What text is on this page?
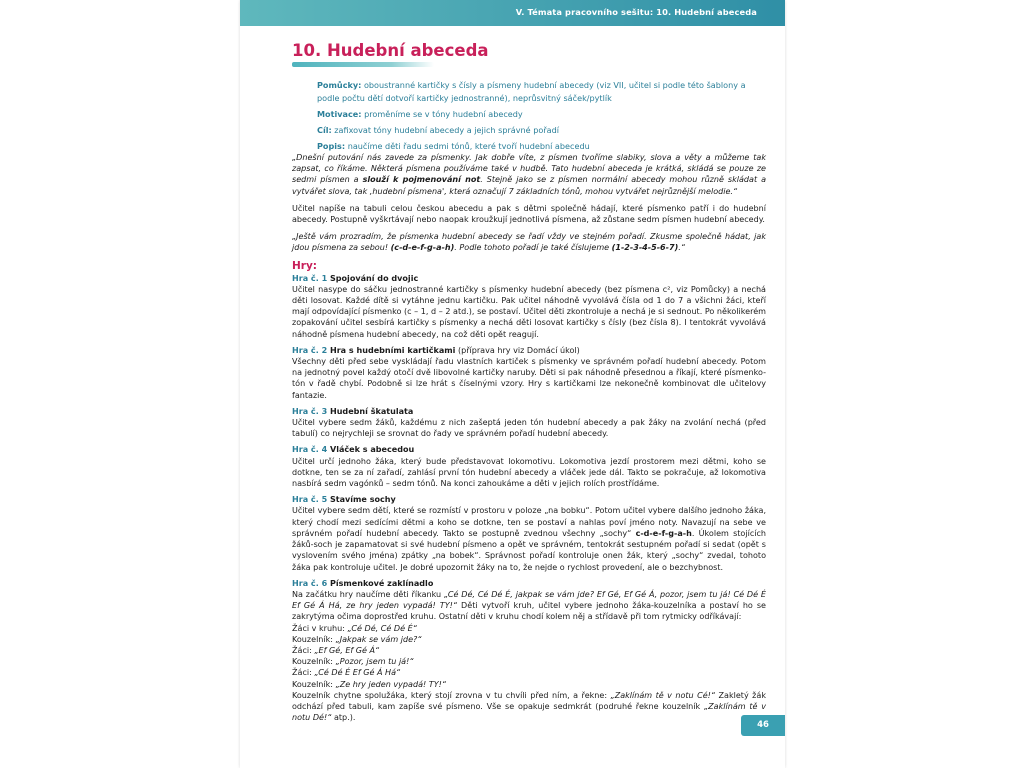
V. Témata pracovního sešitu: 10. Hudební abeceda
10. Hudební abeceda

Pomůcky: oboustranné kartičky s čísly a písmeny hudební abecedy (viz VII, učitel si podle této šablony a podle počtu dětí dotvoří kartičky jednostranné), neprůsvitný sáček/pytlík

Motivace: proměníme se v tóny hudební abecedy

Cíl: zafixovat tóny hudební abecedy a jejich správné pořadí

Popis: naučíme děti řadu sedmi tónů, které tvoří hudební abecedu

„Dnešní putování nás zavede za písmenky. Jak dobře víte, z písmen tvoříme slabiky, slova a věty a můžeme tak zapsat, co říkáme. Některá písmena používáme také v hudbě. Tato hudební abeceda je krátká, skládá se pouze ze sedmi písmen a slouží k pojmenování not. Stejně jako se z písmen normální abecedy mohou různě skládat a vytvářet slova, tak ‚hudební písmena', která označují 7 základních tónů, mohou vytvářet nejrůznější melodie.“

Učitel napíše na tabuli celou českou abecedu a pak s dětmi společně hádají, které písmenko patří i do hudební abecedy. Postupně vyškrtávají nebo naopak kroužkují jednotlivá písmena, až zůstane sedm písmen hudební abecedy.

„Ještě vám prozradím, že písmenka hudební abecedy se řadí vždy ve stejném pořadí. Zkusme společně hádat, jak jdou písmena za sebou! (c-d-e-f-g-a-h). Podle tohoto pořadí je také číslujeme (1-2-3-4-5-6-7).“

Hry:

Hra č. 1 Spojování do dvojic

Učitel nasype do sáčku jednostranné kartičky s písmenky hudební abecedy (bez písmena c², viz Pomůcky) a nechá děti losovat. Každé dítě si vytáhne jednu kartičku. Pak učitel náhodně vyvolává čísla od 1 do 7 a všichni žáci, kteří mají odpovídající písmenko (c – 1, d – 2 atd.), se postaví. Učitel děti zkontroluje a nechá je si sednout. Po několikerém zopakování učitel sesbírá kartičky s písmenky a nechá děti losovat kartičky s čísly (bez čísla 8). I tentokrát vyvolává náhodně písmena hudební abecedy, na což děti opět reagují.

Hra č. 2 Hra s hudebními kartičkami (příprava hry viz Domácí úkol)

Všechny děti před sebe vyskládají řadu vlastních kartiček s písmenky ve správném pořadí hudební abecedy. Potom na jednotný povel každý otočí dvě libovolné kartičky naruby. Děti si pak náhodně přesednou a říkají, které písmenko-tón v řadě chybí. Podobně si lze hrát s číselnými vzory. Hry s kartičkami lze nekonečně kombinovat dle učitelovy fantazie.

Hra č. 3 Hudební škatulata

Učitel vybere sedm žáků, každému z nich zašeptá jeden tón hudební abecedy a pak žáky na zvolání nechá (před tabulí) co nejrychleji se srovnat do řady ve správném pořadí hudební abecedy.

Hra č. 4 Vláček s abecedou

Učitel určí jednoho žáka, který bude představovat lokomotivu. Lokomotiva jezdí prostorem mezi dětmi, koho se dotkne, ten se za ní zařadí, zahlásí první tón hudební abecedy a vláček jede dál. Takto se pokračuje, až lokomotiva nasbírá sedm vagónků – sedm tónů. Na konci zahoukáme a děti v jejich rolích prostřídáme.

Hra č. 5 Stavíme sochy

Učitel vybere sedm dětí, které se rozmístí v prostoru v poloze „na bobku“. Potom učitel vybere dalšího jednoho žáka, který chodí mezi sedícími dětmi a koho se dotkne, ten se postaví a nahlas poví jméno noty. Navazují na sebe ve správném pořadí hudební abecedy. Takto se postupně zvednou všechny „sochy“ c-d-e-f-g-a-h. Úkolem stojících žáků-soch je zapamatovat si své hudební písmeno a opět ve správném, tentokrát sestupném pořadí si sedat (opět s vyslovením svého jména) zpátky „na bobek“. Správnost pořadí kontroluje onen žák, který „sochy“ zvedal, tohoto žáka pak kontroluje učitel. Je dobré upozornit žáky na to, že nejde o rychlost provedení, ale o bezchybnost.

Hra č. 6 Písmenkové zaklínadlo

Na začátku hry naučíme děti říkanku „Cé Dé, Cé Dé É, jakpak se vám jde? Ef Gé, Ef Gé Á, pozor, jsem tu já! Cé Dé É Ef Gé Á Há, ze hry jeden vypadá! TY!“ Děti vytvoří kruh, učitel vybere jednoho žáka-kouzelníka a postaví ho se zakrytýma očima doprostřed kruhu. Ostatní děti v kruhu chodí kolem něj a střídavě při tom rytmicky odříkávají:

Žáci v kruhu: „Cé Dé, Cé Dé É“
Kouzelník: „Jakpak se vám jde?“
Žáci: „Ef Gé, Ef Gé Á“
Kouzelník: „Pozor, jsem tu já!“
Žáci: „Cé Dé É Ef Gé Á Há“
Kouzelník: „Ze hry jeden vypadá! TY!“

Kouzelník chytne spolužáka, který stojí zrovna v tu chvíli před ním, a řekne: „Zaklínám tě v notu Cé!“ Zakletý žák odchází před tabuli, kam zapíše své písmeno. Vše se opakuje sedmkrát (podruhé řekne kouzelník „Zaklínám tě v notu Dé!“ atp.).

46
